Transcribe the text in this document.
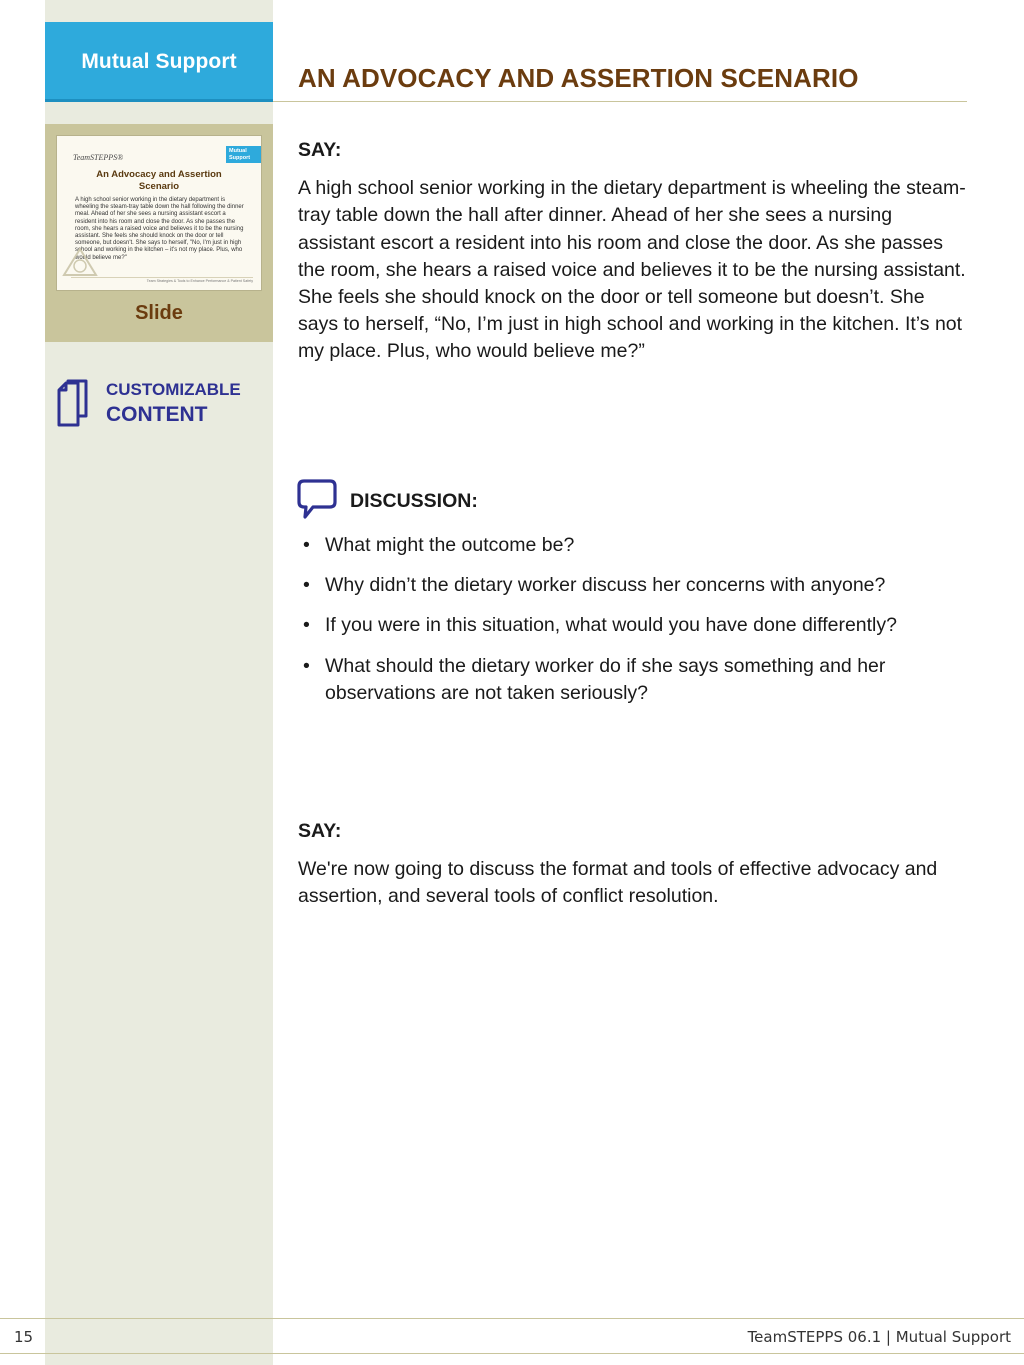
Mutual Support
TeamSTEPPS®
Mutual Support
An Advocacy and Assertion Scenario
A high school senior working in the dietary department is wheeling the steam-tray table down the hall following the dinner meal. Ahead of her she sees a nursing assistant escort a resident into his room and close the door. As she passes the room, she hears a raised voice and believes it to be the nursing assistant. She feels she should knock on the door or tell someone, but doesn't. She says to herself, "No, I'm just in high school and working in the kitchen – it's not my place. Plus, who would believe me?"
Team Strategies & Tools to Enhance Performance & Patient Safety
Slide
CUSTOMIZABLE
CONTENT
AN ADVOCACY AND ASSERTION SCENARIO
SAY:
A high school senior working in the dietary department is wheeling the steam-tray table down the hall after dinner. Ahead of her she sees a nursing assistant escort a resident into his room and close the door. As she passes the room, she hears a raised voice and believes it to be the nursing assistant. She feels she should knock on the door or tell someone but doesn’t. She says to herself, “No, I’m just in high school and working in the kitchen. It’s not my place. Plus, who would believe me?”
DISCUSSION:
• What might the outcome be?
• Why didn’t the dietary worker discuss her concerns with anyone?
• If you were in this situation, what would you have done differently?
• What should the dietary worker do if she says something and her observations are not taken seriously?
SAY:
We're now going to discuss the format and tools of effective advocacy and assertion, and several tools of conflict resolution.
15	TeamSTEPPS 06.1 | Mutual Support
